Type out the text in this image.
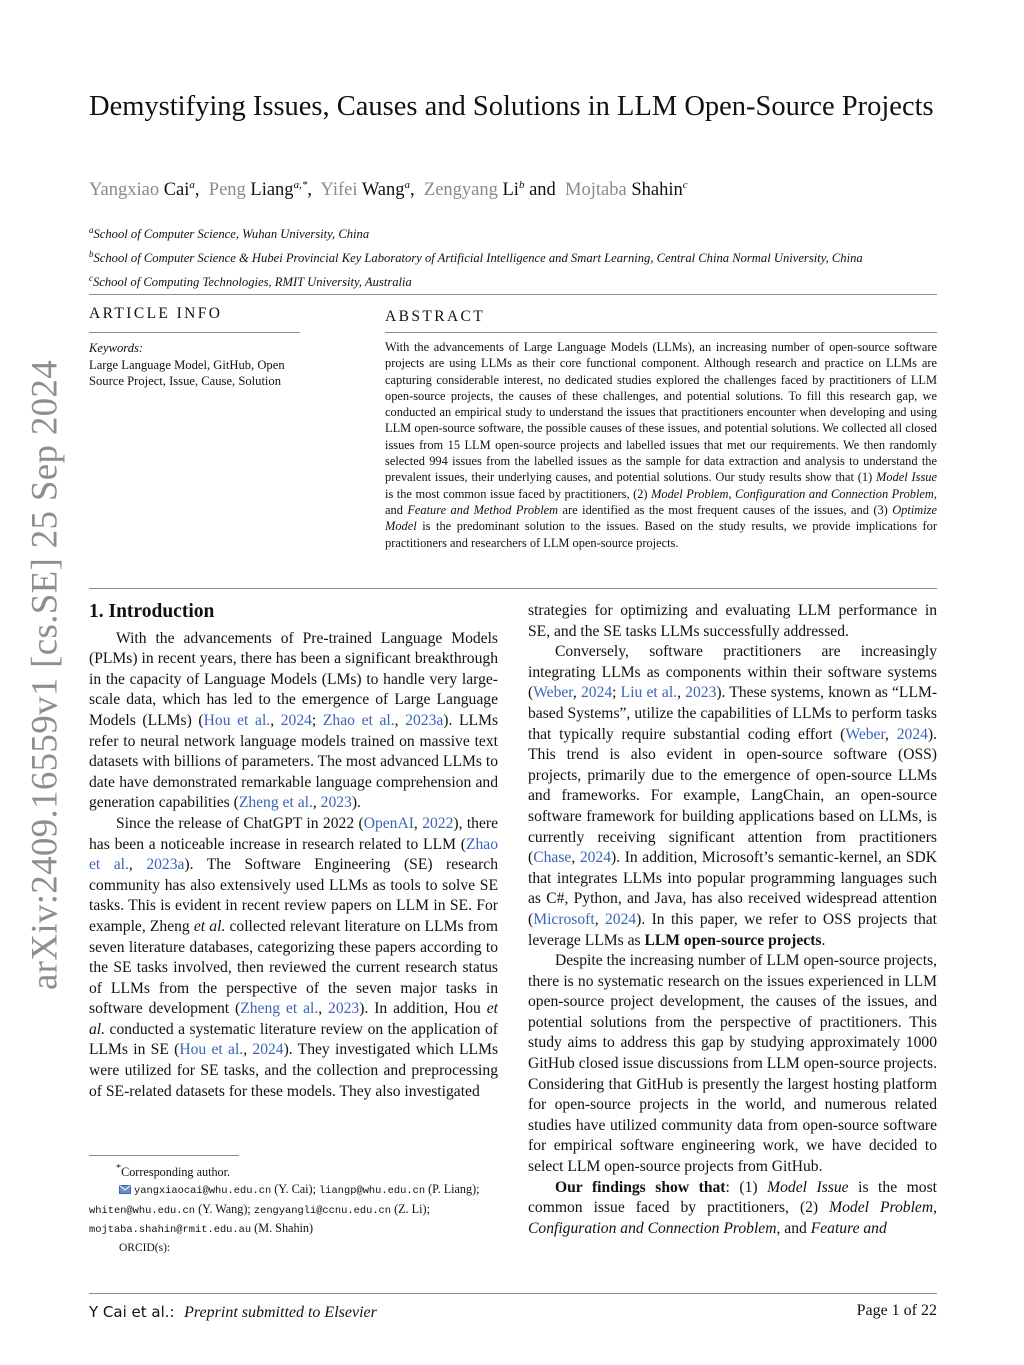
arXiv:2409.16559v1 [cs.SE] 25 Sep 2024
Demystifying Issues, Causes and Solutions in LLM Open-Source Projects
Yangxiao Cai$^a$, Peng Liang$^{a,*}$, Yifei Wang$^a$, Zengyang Li$^b$ and Mojtaba Shahin$^c$
$^a$School of Computer Science, Wuhan University, China
$^b$School of Computer Science & Hubei Provincial Key Laboratory of Artificial Intelligence and Smart Learning, Central China Normal University, China
$^c$School of Computing Technologies, RMIT University, Australia
ARTICLE INFO
Keywords:
Large Language Model, GitHub, Open
Source Project, Issue, Cause, Solution
ABSTRACT

With the advancements of Large Language Models (LLMs), an increasing number of open-source software projects are using LLMs as their core functional component. Although research and practice on LLMs are capturing considerable interest, no dedicated studies explored the challenges faced by practitioners of LLM open-source projects, the causes of these challenges, and potential solutions. To fill this research gap, we conducted an empirical study to understand the issues that practitioners encounter when developing and using LLM open-source software, the possible causes of these issues, and potential solutions. We collected all closed issues from 15 LLM open-source projects and labelled issues that met our requirements. We then randomly selected 994 issues from the labelled issues as the sample for data extraction and analysis to understand the prevalent issues, their underlying causes, and potential solutions. Our study results show that (1) Model Issue is the most common issue faced by practitioners, (2) Model Problem, Configuration and Connection Problem, and Feature and Method Problem are identified as the most frequent causes of the issues, and (3) Optimize Model is the predominant solution to the issues. Based on the study results, we provide implications for practitioners and researchers of LLM open-source projects.

1. Introduction

With the advancements of Pre-trained Language Models (PLMs) in recent years, there has been a significant breakthrough in the capacity of Language Models (LMs) to handle very large-scale data, which has led to the emergence of Large Language Models (LLMs) (Hou et al., 2024; Zhao et al., 2023a). LLMs refer to neural network language models trained on massive text datasets with billions of parameters. The most advanced LLMs to date have demonstrated remarkable language comprehension and generation capabilities (Zheng et al., 2023).

Since the release of ChatGPT in 2022 (OpenAI, 2022), there has been a noticeable increase in research related to LLM (Zhao et al., 2023a). The Software Engineering (SE) research community has also extensively used LLMs as tools to solve SE tasks. This is evident in recent review papers on LLM in SE. For example, Zheng et al. collected relevant literature on LLMs from seven literature databases, categorizing these papers according to the SE tasks involved, then reviewed the current research status of LLMs from the perspective of the seven major tasks in software development (Zheng et al., 2023). In addition, Hou et al. conducted a systematic literature review on the application of LLMs in SE (Hou et al., 2024). They investigated which LLMs were utilized for SE tasks, and the collection and preprocessing of SE-related datasets for these models. They also investigated

*Corresponding author.
yangxiaocai@whu.edu.cn (Y. Cai); liangp@whu.edu.cn (P. Liang);
whiten@whu.edu.cn (Y. Wang); zengyangli@ccnu.edu.cn (Z. Li);
mojtaba.shahin@rmit.edu.au (M. Shahin)
ORCID(s):

strategies for optimizing and evaluating LLM performance in SE, and the SE tasks LLMs successfully addressed.

Conversely, software practitioners are increasingly integrating LLMs as components within their software systems (Weber, 2024; Liu et al., 2023). These systems, known as “LLM-based Systems”, utilize the capabilities of LLMs to perform tasks that typically require substantial coding effort (Weber, 2024). This trend is also evident in open-source software (OSS) projects, primarily due to the emergence of open-source LLMs and frameworks. For example, LangChain, an open-source software framework for building applications based on LLMs, is currently receiving significant attention from practitioners (Chase, 2024). In addition, Microsoft’s semantic-kernel, an SDK that integrates LLMs into popular programming languages such as C#, Python, and Java, has also received widespread attention (Microsoft, 2024). In this paper, we refer to OSS projects that leverage LLMs as LLM open-source projects.

Despite the increasing number of LLM open-source projects, there is no systematic research on the issues experienced in LLM open-source project development, the causes of the issues, and potential solutions from the perspective of practitioners. This study aims to address this gap by studying approximately 1000 GitHub closed issue discussions from LLM open-source projects. Considering that GitHub is presently the largest hosting platform for open-source projects in the world, and numerous related studies have utilized community data from open-source software for empirical software engineering work, we have decided to select LLM open-source projects from GitHub.

Our findings show that: (1) Model Issue is the most common issue faced by practitioners, (2) Model Problem, Configuration and Connection Problem, and Feature and

Y Cai et al.: Preprint submitted to Elsevier	Page 1 of 22
